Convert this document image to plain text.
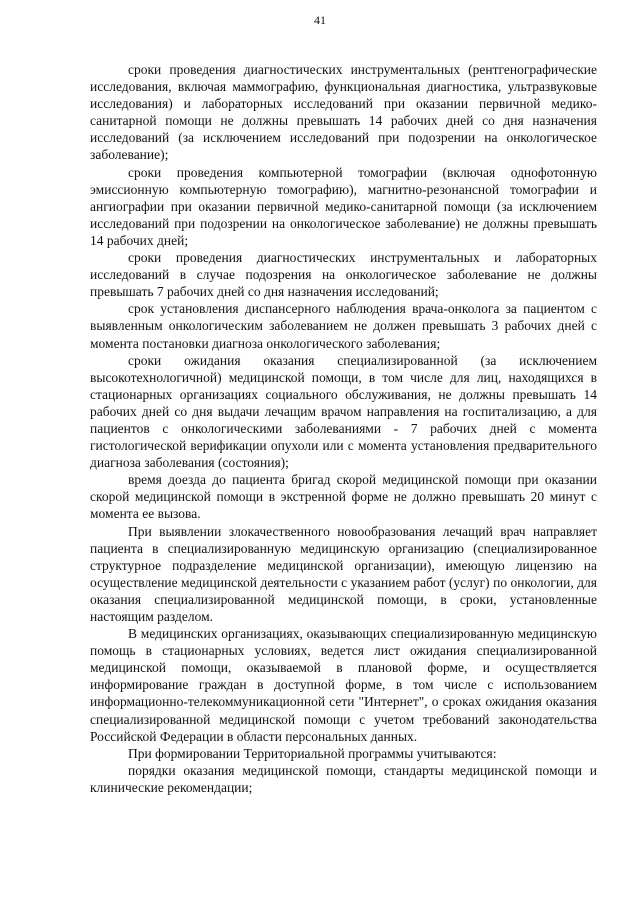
41

сроки проведения диагностических инструментальных (рентгенографические исследования, включая маммографию, функциональная диагностика, ультразвуковые исследования) и лабораторных исследований при оказании первичной медико-санитарной помощи не должны превышать 14 рабочих дней со дня назначения исследований (за исключением исследований при подозрении на онкологическое заболевание);

сроки проведения компьютерной томографии (включая однофотонную эмиссионную компьютерную томографию), магнитно-резонансной томографии и ангиографии при оказании первичной медико-санитарной помощи (за исключением исследований при подозрении на онкологическое заболевание) не должны превышать 14 рабочих дней;

сроки проведения диагностических инструментальных и лабораторных исследований в случае подозрения на онкологическое заболевание не должны превышать 7 рабочих дней со дня назначения исследований;

срок установления диспансерного наблюдения врача-онколога за пациентом с выявленным онкологическим заболеванием не должен превышать 3 рабочих дней с момента постановки диагноза онкологического заболевания;

сроки ожидания оказания специализированной (за исключением высокотехнологичной) медицинской помощи, в том числе для лиц, находящихся в стационарных организациях социального обслуживания, не должны превышать 14 рабочих дней со дня выдачи лечащим врачом направления на госпитализацию, а для пациентов с онкологическими заболеваниями - 7 рабочих дней с момента гистологической верификации опухоли или с момента установления предварительного диагноза заболевания (состояния);

время доезда до пациента бригад скорой медицинской помощи при оказании скорой медицинской помощи в экстренной форме не должно превышать 20 минут с момента ее вызова.

При выявлении злокачественного новообразования лечащий врач направляет пациента в специализированную медицинскую организацию (специализированное структурное подразделение медицинской организации), имеющую лицензию на осуществление медицинской деятельности с указанием работ (услуг) по онкологии, для оказания специализированной медицинской помощи, в сроки, установленные настоящим разделом.

В медицинских организациях, оказывающих специализированную медицинскую помощь в стационарных условиях, ведется лист ожидания специализированной медицинской помощи, оказываемой в плановой форме, и осуществляется информирование граждан в доступной форме, в том числе с использованием информационно-телекоммуникационной сети "Интернет", о сроках ожидания оказания специализированной медицинской помощи с учетом требований законодательства Российской Федерации в области персональных данных.

При формировании Территориальной программы учитываются:

порядки оказания медицинской помощи, стандарты медицинской помощи и клинические рекомендации;
